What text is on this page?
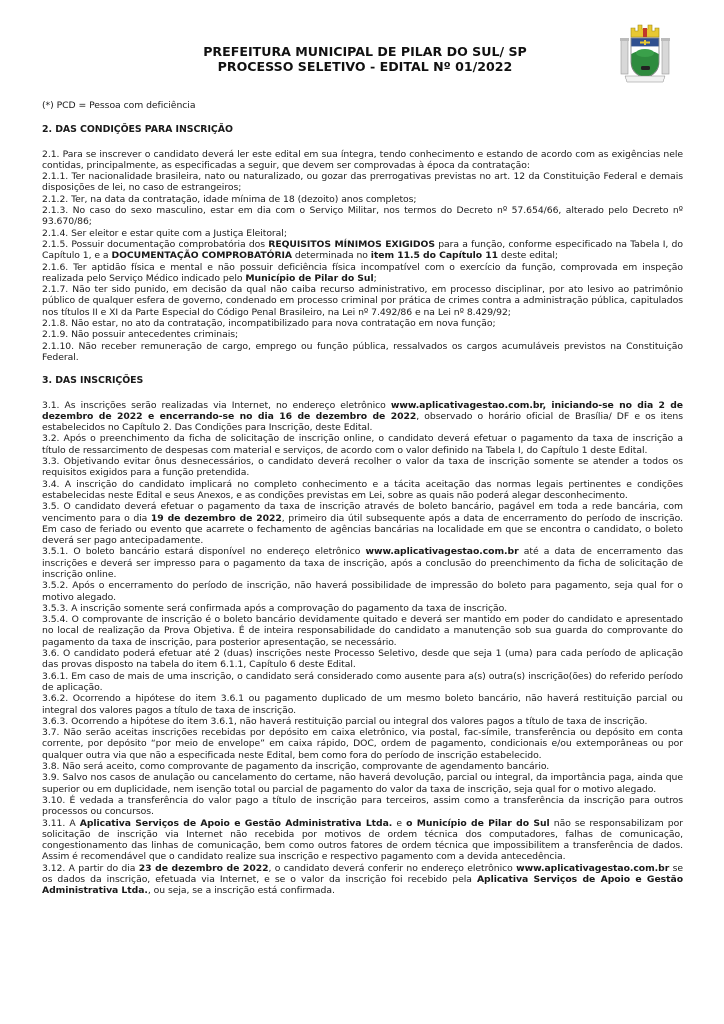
PREFEITURA MUNICIPAL DE PILAR DO SUL/ SP
PROCESSO SELETIVO - EDITAL Nº 01/2022

(*) PCD = Pessoa com deficiência

2. DAS CONDIÇÕES PARA INSCRIÇÃO

2.1. Para se inscrever o candidato deverá ler este edital em sua íntegra, tendo conhecimento e estando de acordo com as exigências nele contidas, principalmente, as especificadas a seguir, que devem ser comprovadas à época da contratação:

2.1.1. Ter nacionalidade brasileira, nato ou naturalizado, ou gozar das prerrogativas previstas no art. 12 da Constituição Federal e demais disposições de lei, no caso de estrangeiros;

2.1.2. Ter, na data da contratação, idade mínima de 18 (dezoito) anos completos;

2.1.3. No caso do sexo masculino, estar em dia com o Serviço Militar, nos termos do Decreto nº 57.654/66, alterado pelo Decreto nº 93.670/86;

2.1.4. Ser eleitor e estar quite com a Justiça Eleitoral;

2.1.5. Possuir documentação comprobatória dos REQUISITOS MÍNIMOS EXIGIDOS para a função, conforme especificado na Tabela I, do Capítulo 1, e a DOCUMENTAÇÃO COMPROBATÓRIA determinada no item 11.5 do Capítulo 11 deste edital;

2.1.6. Ter aptidão física e mental e não possuir deficiência física incompatível com o exercício da função, comprovada em inspeção realizada pelo Serviço Médico indicado pelo Município de Pilar do Sul;

2.1.7. Não ter sido punido, em decisão da qual não caiba recurso administrativo, em processo disciplinar, por ato lesivo ao patrimônio público de qualquer esfera de governo, condenado em processo criminal por prática de crimes contra a administração pública, capitulados nos títulos II e XI da Parte Especial do Código Penal Brasileiro, na Lei nº 7.492/86 e na Lei nº 8.429/92;

2.1.8. Não estar, no ato da contratação, incompatibilizado para nova contratação em nova função;

2.1.9. Não possuir antecedentes criminais;

2.1.10. Não receber remuneração de cargo, emprego ou função pública, ressalvados os cargos acumuláveis previstos na Constituição Federal.

3. DAS INSCRIÇÕES

3.1. As inscrições serão realizadas via Internet, no endereço eletrônico www.aplicativagestao.com.br, iniciando-se no dia 2 de dezembro de 2022 e encerrando-se no dia 16 de dezembro de 2022, observado o horário oficial de Brasília/ DF e os itens estabelecidos no Capítulo 2. Das Condições para Inscrição, deste Edital.

3.2. Após o preenchimento da ficha de solicitação de inscrição online, o candidato deverá efetuar o pagamento da taxa de inscrição a título de ressarcimento de despesas com material e serviços, de acordo com o valor definido na Tabela I, do Capítulo 1 deste Edital.

3.3. Objetivando evitar ônus desnecessários, o candidato deverá recolher o valor da taxa de inscrição somente se atender a todos os requisitos exigidos para a função pretendida.

3.4. A inscrição do candidato implicará no completo conhecimento e a tácita aceitação das normas legais pertinentes e condições estabelecidas neste Edital e seus Anexos, e as condições previstas em Lei, sobre as quais não poderá alegar desconhecimento.

3.5. O candidato deverá efetuar o pagamento da taxa de inscrição através de boleto bancário, pagável em toda a rede bancária, com vencimento para o dia 19 de dezembro de 2022, primeiro dia útil subsequente após a data de encerramento do período de inscrição. Em caso de feriado ou evento que acarrete o fechamento de agências bancárias na localidade em que se encontra o candidato, o boleto deverá ser pago antecipadamente.

3.5.1. O boleto bancário estará disponível no endereço eletrônico www.aplicativagestao.com.br até a data de encerramento das inscrições e deverá ser impresso para o pagamento da taxa de inscrição, após a conclusão do preenchimento da ficha de solicitação de inscrição online.

3.5.2. Após o encerramento do período de inscrição, não haverá possibilidade de impressão do boleto para pagamento, seja qual for o motivo alegado.

3.5.3. A inscrição somente será confirmada após a comprovação do pagamento da taxa de inscrição.

3.5.4. O comprovante de inscrição é o boleto bancário devidamente quitado e deverá ser mantido em poder do candidato e apresentado no local de realização da Prova Objetiva. É de inteira responsabilidade do candidato a manutenção sob sua guarda do comprovante do pagamento da taxa de inscrição, para posterior apresentação, se necessário.

3.6. O candidato poderá efetuar até 2 (duas) inscrições neste Processo Seletivo, desde que seja 1 (uma) para cada período de aplicação das provas disposto na tabela do item 6.1.1, Capítulo 6 deste Edital.

3.6.1. Em caso de mais de uma inscrição, o candidato será considerado como ausente para a(s) outra(s) inscrição(ões) do referido período de aplicação.

3.6.2. Ocorrendo a hipótese do item 3.6.1 ou pagamento duplicado de um mesmo boleto bancário, não haverá restituição parcial ou integral dos valores pagos a título de taxa de inscrição.

3.6.3. Ocorrendo a hipótese do item 3.6.1, não haverá restituição parcial ou integral dos valores pagos a título de taxa de inscrição.

3.7. Não serão aceitas inscrições recebidas por depósito em caixa eletrônico, via postal, fac-símile, transferência ou depósito em conta corrente, por depósito “por meio de envelope” em caixa rápido, DOC, ordem de pagamento, condicionais e/ou extemporâneas ou por qualquer outra via que não a especificada neste Edital, bem como fora do período de inscrição estabelecido.

3.8. Não será aceito, como comprovante de pagamento da inscrição, comprovante de agendamento bancário.

3.9. Salvo nos casos de anulação ou cancelamento do certame, não haverá devolução, parcial ou integral, da importância paga, ainda que superior ou em duplicidade, nem isenção total ou parcial de pagamento do valor da taxa de inscrição, seja qual for o motivo alegado.

3.10. É vedada a transferência do valor pago a título de inscrição para terceiros, assim como a transferência da inscrição para outros processos ou concursos.

3.11. A Aplicativa Serviços de Apoio e Gestão Administrativa Ltda. e o Município de Pilar do Sul não se responsabilizam por solicitação de inscrição via Internet não recebida por motivos de ordem técnica dos computadores, falhas de comunicação, congestionamento das linhas de comunicação, bem como outros fatores de ordem técnica que impossibilitem a transferência de dados. Assim é recomendável que o candidato realize sua inscrição e respectivo pagamento com a devida antecedência.

3.12. A partir do dia 23 de dezembro de 2022, o candidato deverá conferir no endereço eletrônico www.aplicativagestao.com.br se os dados da inscrição, efetuada via Internet, e se o valor da inscrição foi recebido pela Aplicativa Serviços de Apoio e Gestão Administrativa Ltda., ou seja, se a inscrição está confirmada.
